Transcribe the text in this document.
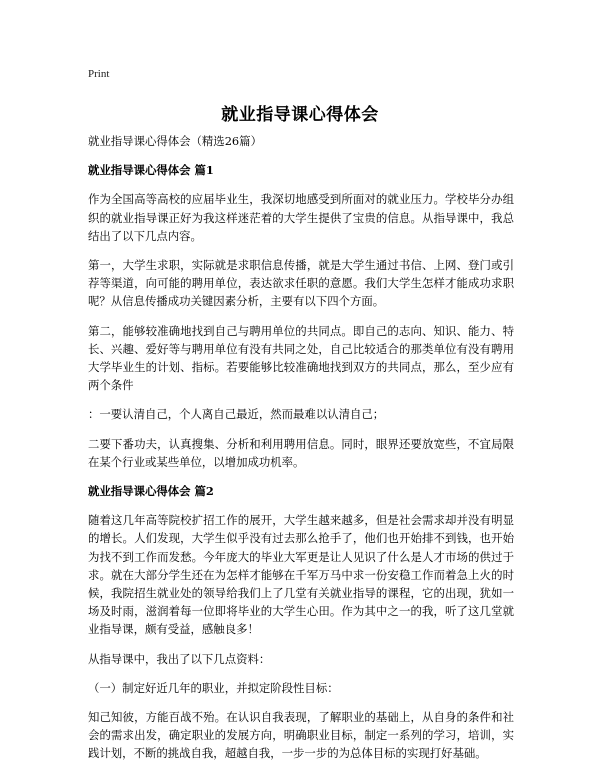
Print
就业指导课心得体会

就业指导课心得体会（精选26篇）

就业指导课心得体会 篇1

作为全国高等高校的应届毕业生，我深切地感受到所面对的就业压力。学校毕分办组织的就业指导课正好为我这样迷茫着的大学生提供了宝贵的信息。从指导课中，我总结出了以下几点内容。

第一，大学生求职，实际就是求职信息传播，就是大学生通过书信、上网、登门或引荐等渠道，向可能的聘用单位，表达欲求任职的意愿。我们大学生怎样才能成功求职呢？从信息传播成功关键因素分析，主要有以下四个方面。

第二，能够较准确地找到自己与聘用单位的共同点。即自己的志向、知识、能力、特长、兴趣、爱好等与聘用单位有没有共同之处，自己比较适合的那类单位有没有聘用大学毕业生的计划、指标。若要能够比较准确地找到双方的共同点，那么，至少应有两个条件

：一要认清自己，个人离自己最近，然而最难以认清自己；

二要下番功夫，认真搜集、分析和利用聘用信息。同时，眼界还要放宽些，不宜局限在某个行业或某些单位，以增加成功机率。

就业指导课心得体会 篇2

随着这几年高等院校扩招工作的展开，大学生越来越多，但是社会需求却并没有明显的增长。人们发现，大学生似乎没有过去那么抢手了，他们也开始排不到钱，也开始为找不到工作而发愁。今年庞大的毕业大军更是让人见识了什么是人才市场的供过于求。就在大部分学生还在为怎样才能够在千军万马中求一份安稳工作而着急上火的时候，我院招生就业处的领导给我们上了几堂有关就业指导的课程，它的出现，犹如一场及时雨，滋润着每一位即将毕业的大学生心田。作为其中之一的我，听了这几堂就业指导课，颇有受益，感触良多！

从指导课中，我出了以下几点资料：

（一）制定好近几年的职业，并拟定阶段性目标：

知己知彼，方能百战不殆。在认识自我表现，了解职业的基础上，从自身的条件和社会的需求出发，确定职业的发展方向，明确职业目标，制定一系列的学习，培训，实践计划，不断的挑战自我，超越自我，一步一步的为总体目标的实现打好基础。
